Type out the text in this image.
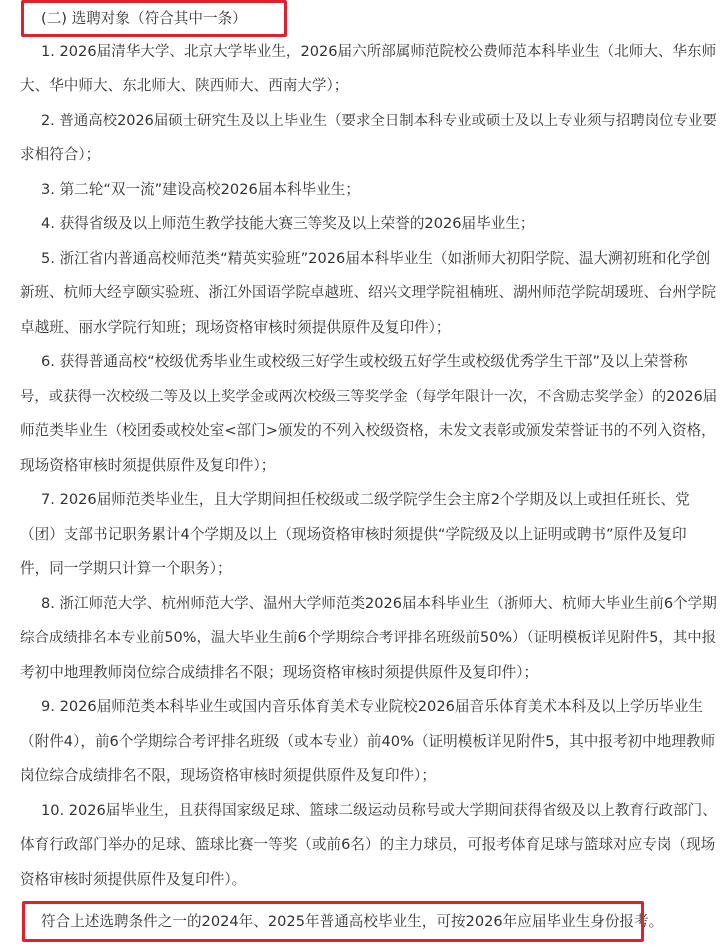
(二) 选聘对象（符合其中一条）
1. 2026届清华大学、北京大学毕业生，2026届六所部属师范院校公费师范本科毕业生（北师大、华东师
大、华中师大、东北师大、陕西师大、西南大学）；
2. 普通高校2026届硕士研究生及以上毕业生（要求全日制本科专业或硕士及以上专业须与招聘岗位专业要
求相符合）；
3. 第二轮“双一流”建设高校2026届本科毕业生；
4. 获得省级及以上师范生教学技能大赛三等奖及以上荣誉的2026届毕业生；
5. 浙江省内普通高校师范类“精英实验班”2026届本科毕业生（如浙师大初阳学院、温大溯初班和化学创
新班、杭师大经亨颐实验班、浙江外国语学院卓越班、绍兴文理学院祖楠班、湖州师范学院胡瑗班、台州学院
卓越班、丽水学院行知班；现场资格审核时须提供原件及复印件）；
6. 获得普通高校“校级优秀毕业生或校级三好学生或校级五好学生或校级优秀学生干部”及以上荣誉称
号，或获得一次校级二等及以上奖学金或两次校级三等奖学金（每学年限计一次，不含励志奖学金）的2026届
师范类毕业生（校团委或校处室<部门>颁发的不列入校级资格，未发文表彰或颁发荣誉证书的不列入资格，
现场资格审核时须提供原件及复印件）；
7. 2026届师范类毕业生，且大学期间担任校级或二级学院学生会主席2个学期及以上或担任班长、党
（团）支部书记职务累计4个学期及以上（现场资格审核时须提供“学院级及以上证明或聘书”原件及复印
件，同一学期只计算一个职务）；
8. 浙江师范大学、杭州师范大学、温州大学师范类2026届本科毕业生（浙师大、杭师大毕业生前6个学期
综合成绩排名本专业前50%，温大毕业生前6个学期综合考评排名班级前50%）（证明模板详见附件5，其中报
考初中地理教师岗位综合成绩排名不限；现场资格审核时须提供原件及复印件）；
9. 2026届师范类本科毕业生或国内音乐体育美术专业院校2026届音乐体育美术本科及以上学历毕业生
（附件4），前6个学期综合考评排名班级（或本专业）前40%（证明模板详见附件5，其中报考初中地理教师
岗位综合成绩排名不限，现场资格审核时须提供原件及复印件）；
10. 2026届毕业生，且获得国家级足球、篮球二级运动员称号或大学期间获得省级及以上教育行政部门、
体育行政部门举办的足球、篮球比赛一等奖（或前6名）的主力球员，可报考体育足球与篮球对应专岗（现场
资格审核时须提供原件及复印件）。
符合上述选聘条件之一的2024年、2025年普通高校毕业生，可按2026年应届毕业生身份报考。
